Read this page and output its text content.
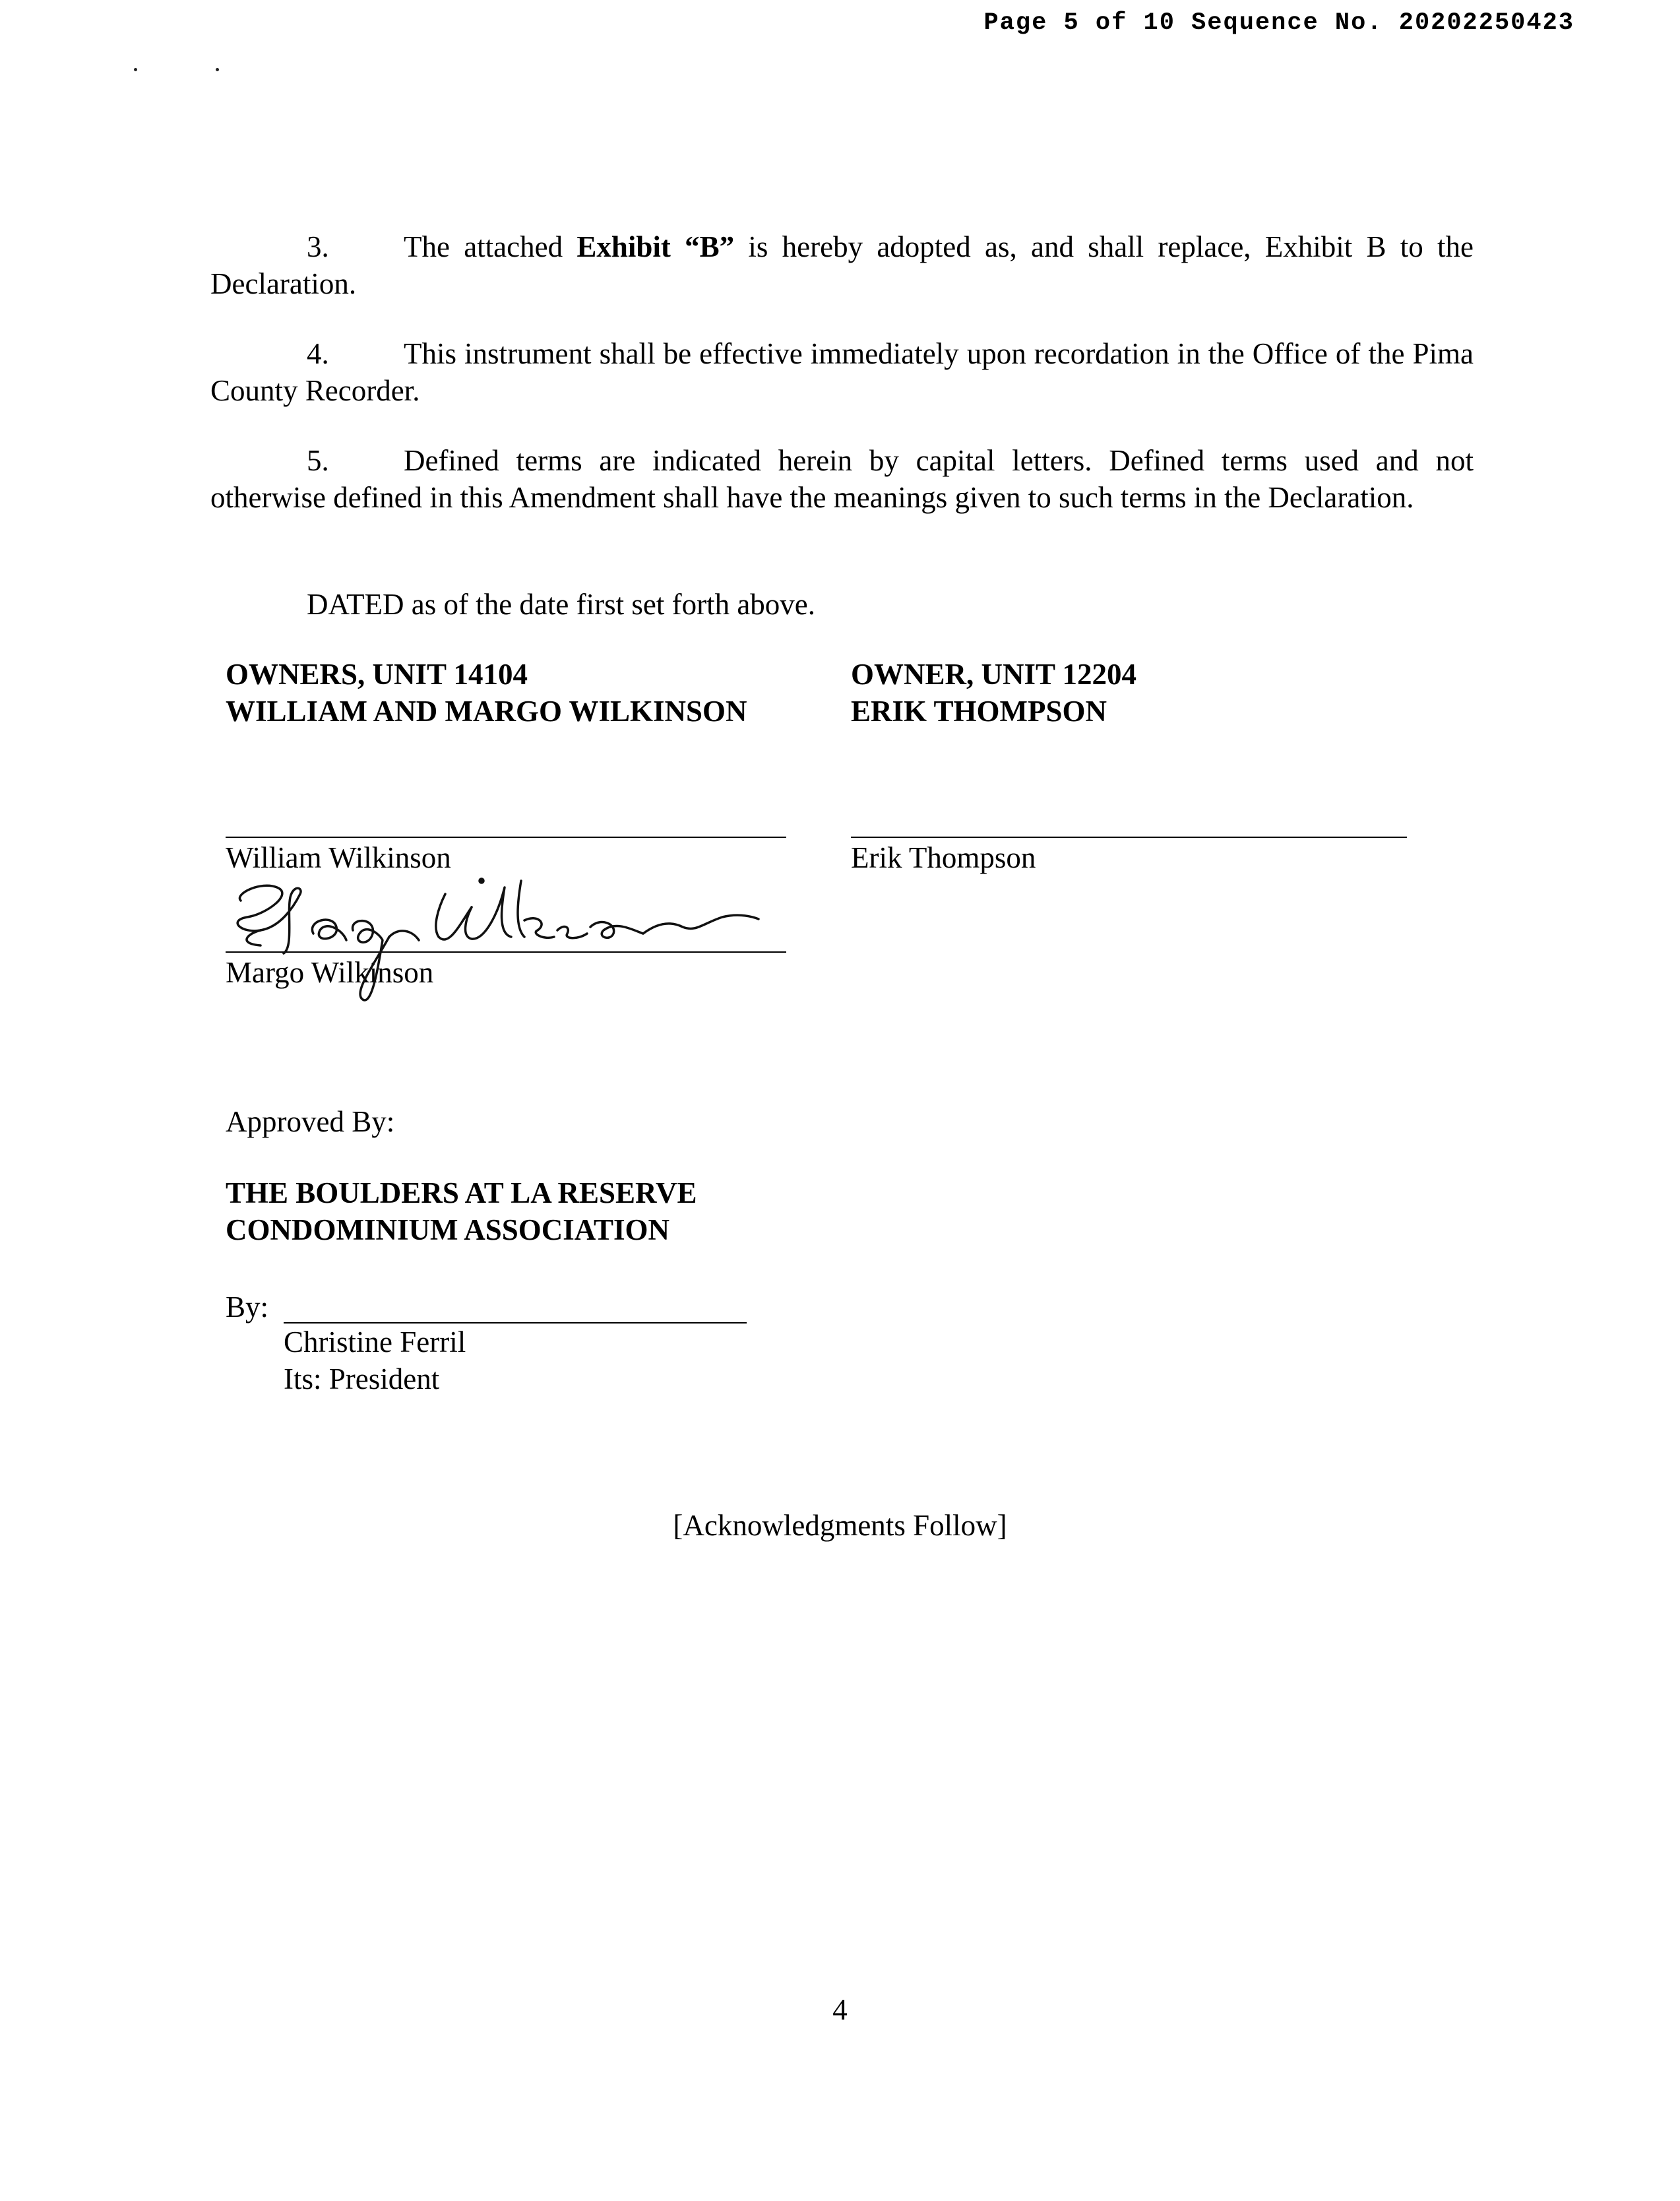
Page 5 of 10 Sequence No. 20202250423
3.	The attached Exhibit “B” is hereby adopted as, and shall replace, Exhibit B to the Declaration.
4.	This instrument shall be effective immediately upon recordation in the Office of the Pima County Recorder.
5.	Defined terms are indicated herein by capital letters. Defined terms used and not otherwise defined in this Amendment shall have the meanings given to such terms in the Declaration.
DATED as of the date first set forth above.
OWNERS, UNIT 14104
WILLIAM AND MARGO WILKINSON
William Wilkinson
Margo Wilkinson
OWNER, UNIT 12204
ERIK THOMPSON
Erik Thompson
Approved By:
THE BOULDERS AT LA RESERVE
CONDOMINIUM ASSOCIATION
By:
Christine Ferril
Its: President
[Acknowledgments Follow]
4
